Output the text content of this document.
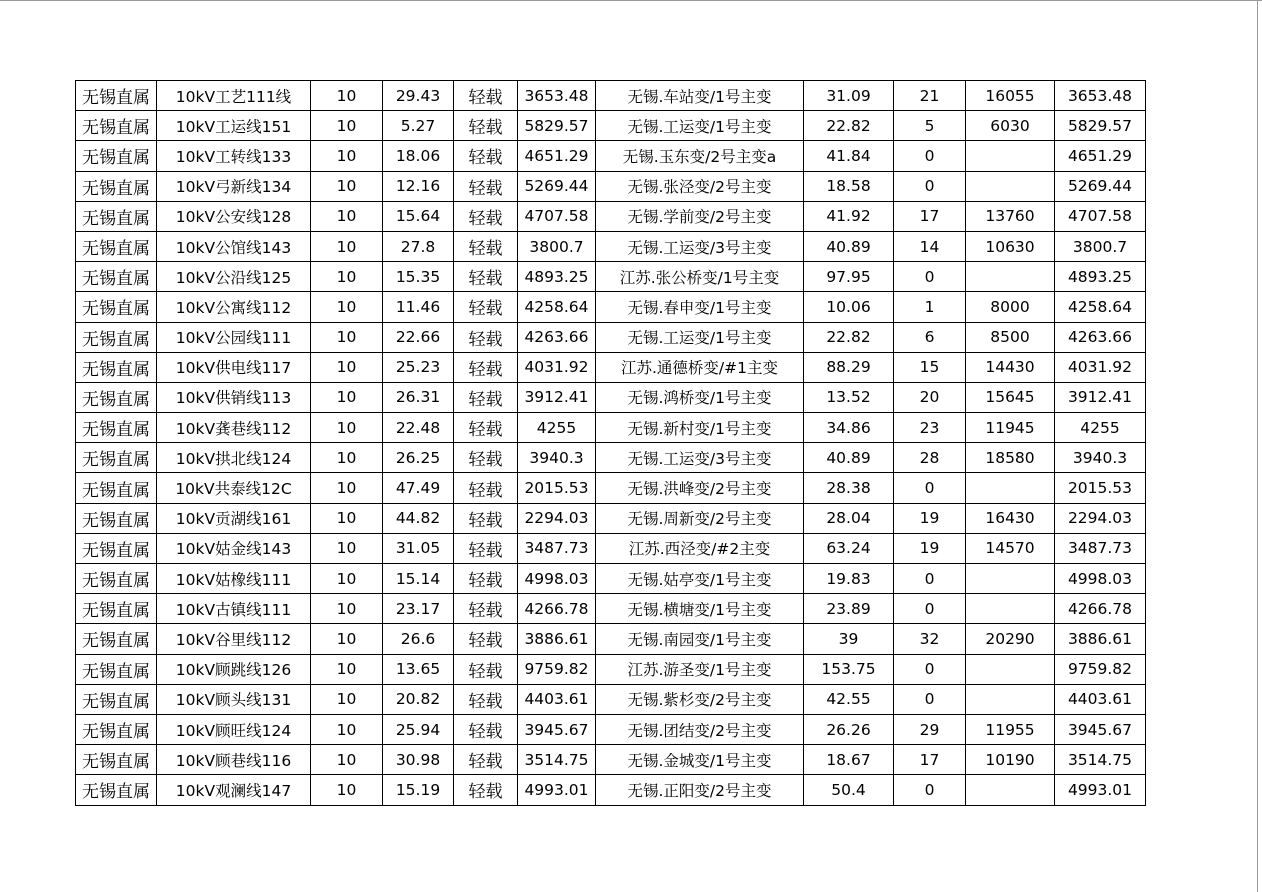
无锡直属	10kV工艺111线	10	29.43	轻载	3653.48	无锡.车站变/1号主变	31.09	21	16055	3653.48
无锡直属	10kV工运线151	10	5.27	轻载	5829.57	无锡.工运变/1号主变	22.82	5	6030	5829.57
无锡直属	10kV工转线133	10	18.06	轻载	4651.29	无锡.玉东变/2号主变a	41.84	0		4651.29
无锡直属	10kV弓新线134	10	12.16	轻载	5269.44	无锡.张泾变/2号主变	18.58	0		5269.44
无锡直属	10kV公安线128	10	15.64	轻载	4707.58	无锡.学前变/2号主变	41.92	17	13760	4707.58
无锡直属	10kV公馆线143	10	27.8	轻载	3800.7	无锡.工运变/3号主变	40.89	14	10630	3800.7
无锡直属	10kV公沿线125	10	15.35	轻载	4893.25	江苏.张公桥变/1号主变	97.95	0		4893.25
无锡直属	10kV公寓线112	10	11.46	轻载	4258.64	无锡.春申变/1号主变	10.06	1	8000	4258.64
无锡直属	10kV公园线111	10	22.66	轻载	4263.66	无锡.工运变/1号主变	22.82	6	8500	4263.66
无锡直属	10kV供电线117	10	25.23	轻载	4031.92	江苏.通德桥变/#1主变	88.29	15	14430	4031.92
无锡直属	10kV供销线113	10	26.31	轻载	3912.41	无锡.鸿桥变/1号主变	13.52	20	15645	3912.41
无锡直属	10kV龚巷线112	10	22.48	轻载	4255	无锡.新村变/1号主变	34.86	23	11945	4255
无锡直属	10kV拱北线124	10	26.25	轻载	3940.3	无锡.工运变/3号主变	40.89	28	18580	3940.3
无锡直属	10kV共泰线12C	10	47.49	轻载	2015.53	无锡.洪峰变/2号主变	28.38	0		2015.53
无锡直属	10kV贡湖线161	10	44.82	轻载	2294.03	无锡.周新变/2号主变	28.04	19	16430	2294.03
无锡直属	10kV姑金线143	10	31.05	轻载	3487.73	江苏.西泾变/#2主变	63.24	19	14570	3487.73
无锡直属	10kV姑橡线111	10	15.14	轻载	4998.03	无锡.姑亭变/1号主变	19.83	0		4998.03
无锡直属	10kV古镇线111	10	23.17	轻载	4266.78	无锡.横塘变/1号主变	23.89	0		4266.78
无锡直属	10kV谷里线112	10	26.6	轻载	3886.61	无锡.南园变/1号主变	39	32	20290	3886.61
无锡直属	10kV顾跳线126	10	13.65	轻载	9759.82	江苏.游圣变/1号主变	153.75	0		9759.82
无锡直属	10kV顾头线131	10	20.82	轻载	4403.61	无锡.紫杉变/2号主变	42.55	0		4403.61
无锡直属	10kV顾旺线124	10	25.94	轻载	3945.67	无锡.团结变/2号主变	26.26	29	11955	3945.67
无锡直属	10kV顾巷线116	10	30.98	轻载	3514.75	无锡.金城变/1号主变	18.67	17	10190	3514.75
无锡直属	10kV观澜线147	10	15.19	轻载	4993.01	无锡.正阳变/2号主变	50.4	0		4993.01
